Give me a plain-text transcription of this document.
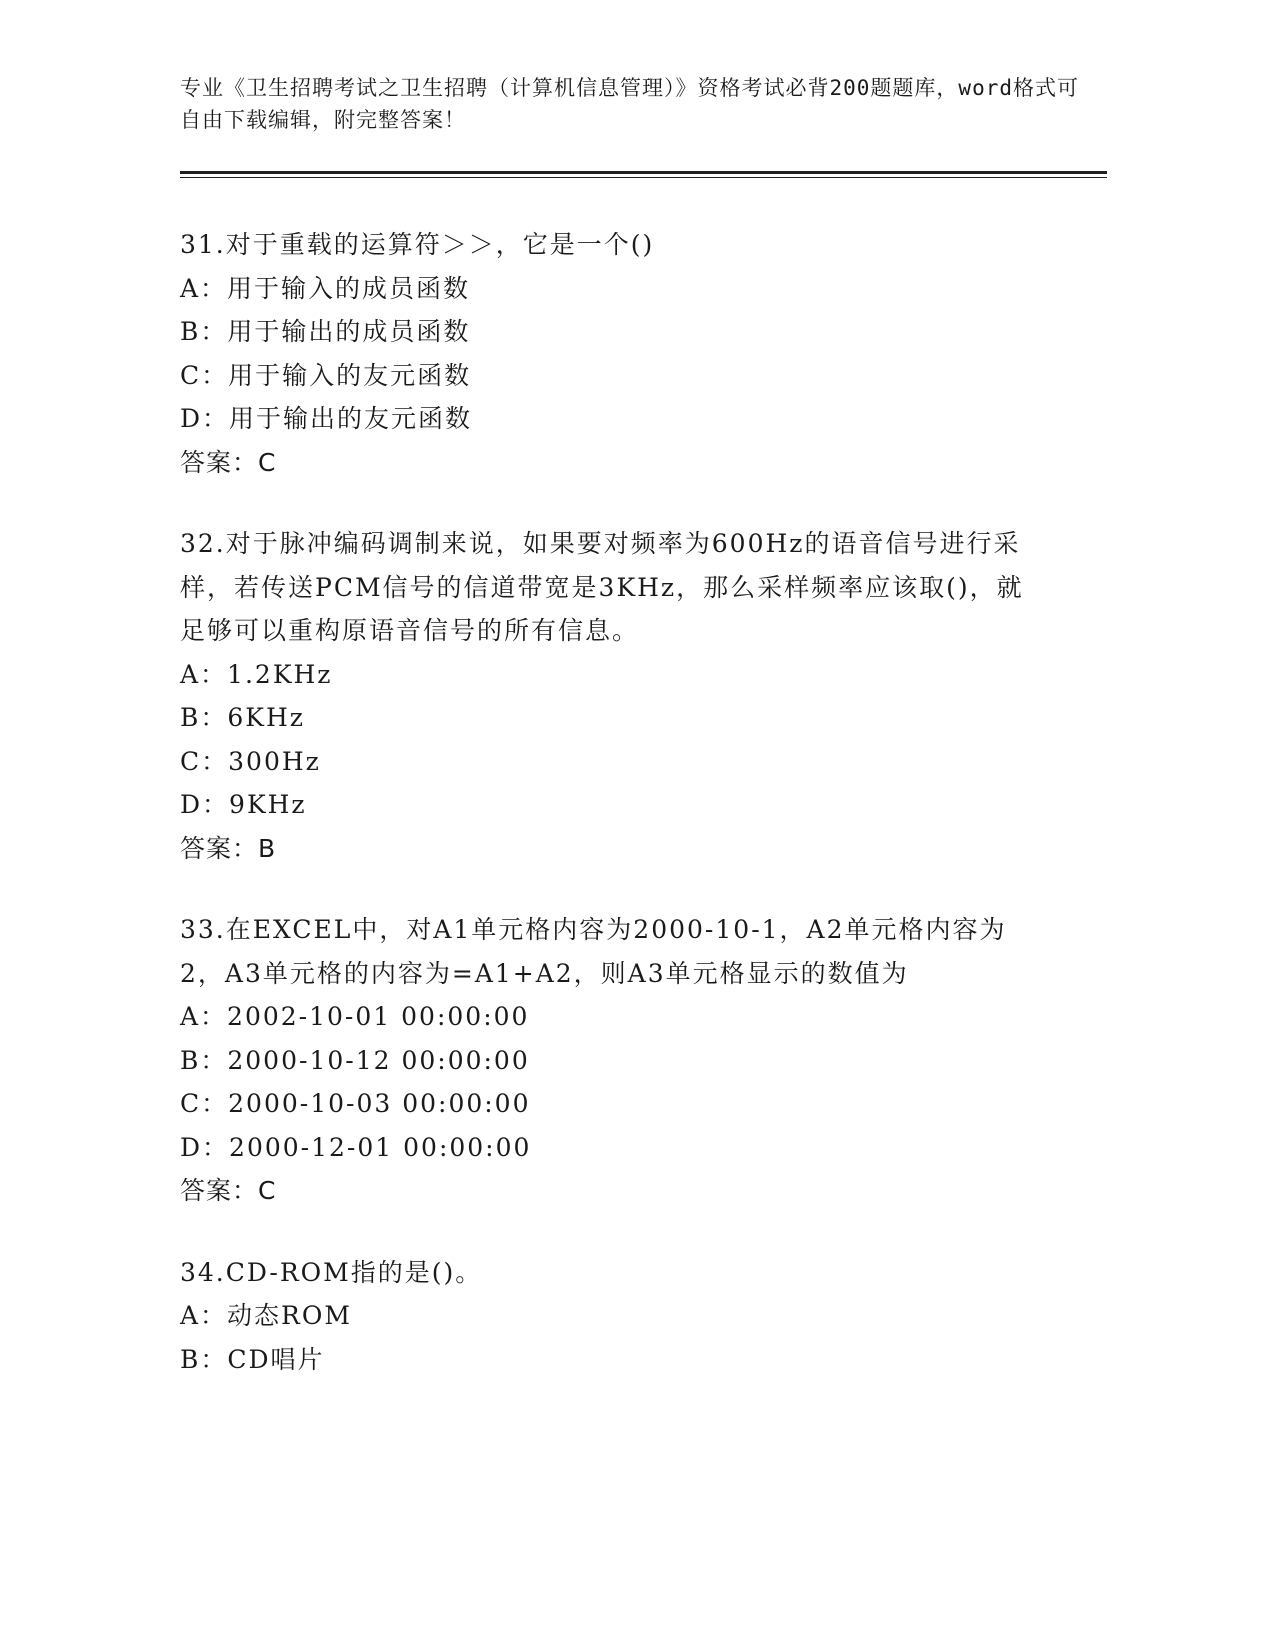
专业《卫生招聘考试之卫生招聘（计算机信息管理）》资格考试必背200题题库，word格式可自由下载编辑，附完整答案！

31.对于重载的运算符＞＞，它是一个()

A：用于输入的成员函数

B：用于输出的成员函数

C：用于输入的友元函数

D：用于输出的友元函数

答案：C

32.对于脉冲编码调制来说，如果要对频率为600Hz的语音信号进行采样，若传送PCM信号的信道带宽是3KHz，那么采样频率应该取()，就足够可以重构原语音信号的所有信息。

A：1.2KHz

B：6KHz

C：300Hz

D：9KHz

答案：B

33.在EXCEL中，对A1单元格内容为2000-10-1，A2单元格内容为2，A3单元格的内容为=A1+A2，则A3单元格显示的数值为

A：2002-10-01 00:00:00

B：2000-10-12 00:00:00

C：2000-10-03 00:00:00

D：2000-12-01 00:00:00

答案：C

34.CD-ROM指的是()。

A：动态ROM

B：CD唱片
